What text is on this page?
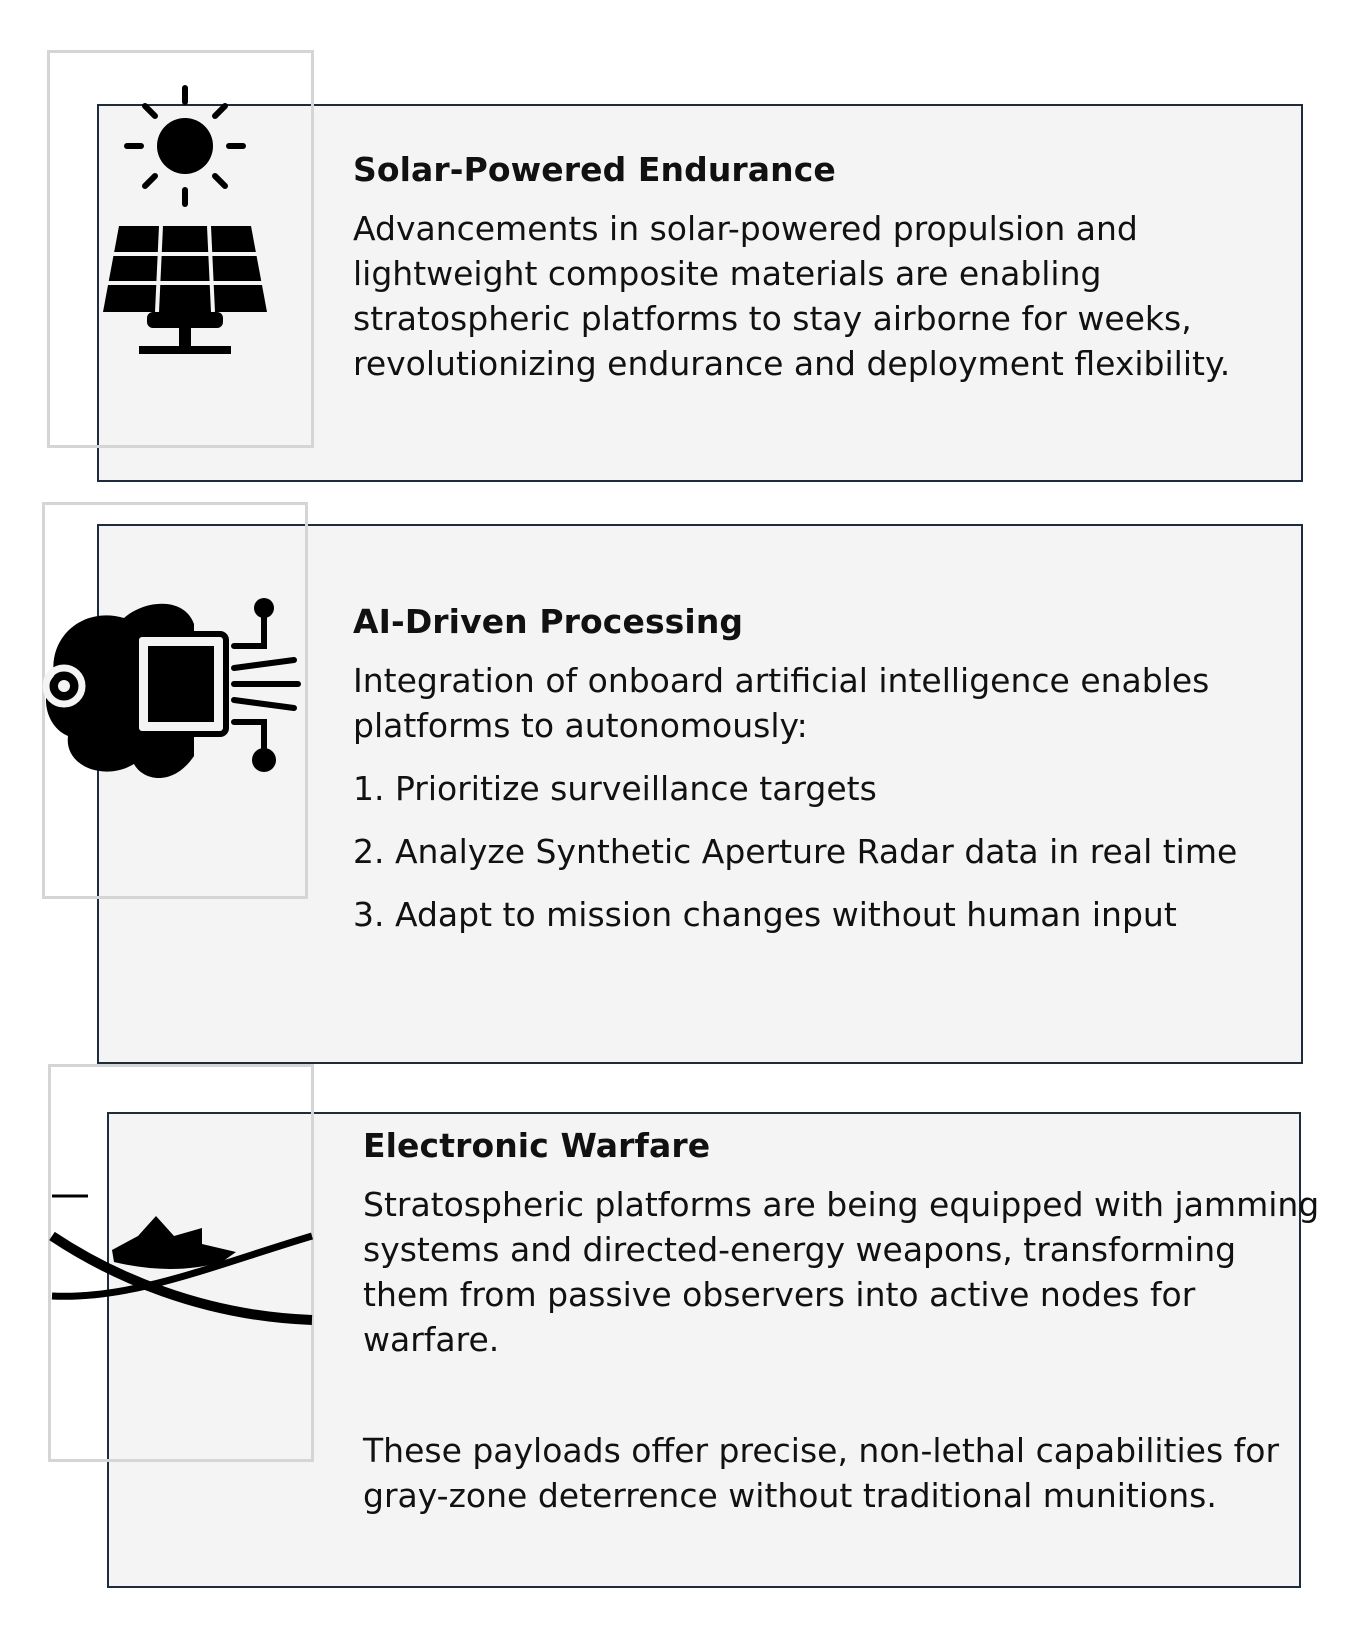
Solar-Powered Endurance

Advancements in solar-powered propulsion and lightweight composite materials are enabling stratospheric platforms to stay airborne for weeks, revolutionizing endurance and deployment flexibility.

AI-Driven Processing

Integration of onboard artificial intelligence enables platforms to autonomously:

1. Prioritize surveillance targets

2. Analyze Synthetic Aperture Radar data in real time

3. Adapt to mission changes without human input

Electronic Warfare

Stratospheric platforms are being equipped with jamming systems and directed-energy weapons, transforming them from passive observers into active nodes for warfare.

These payloads offer precise, non-lethal capabilities for gray-zone deterrence without traditional munitions.
